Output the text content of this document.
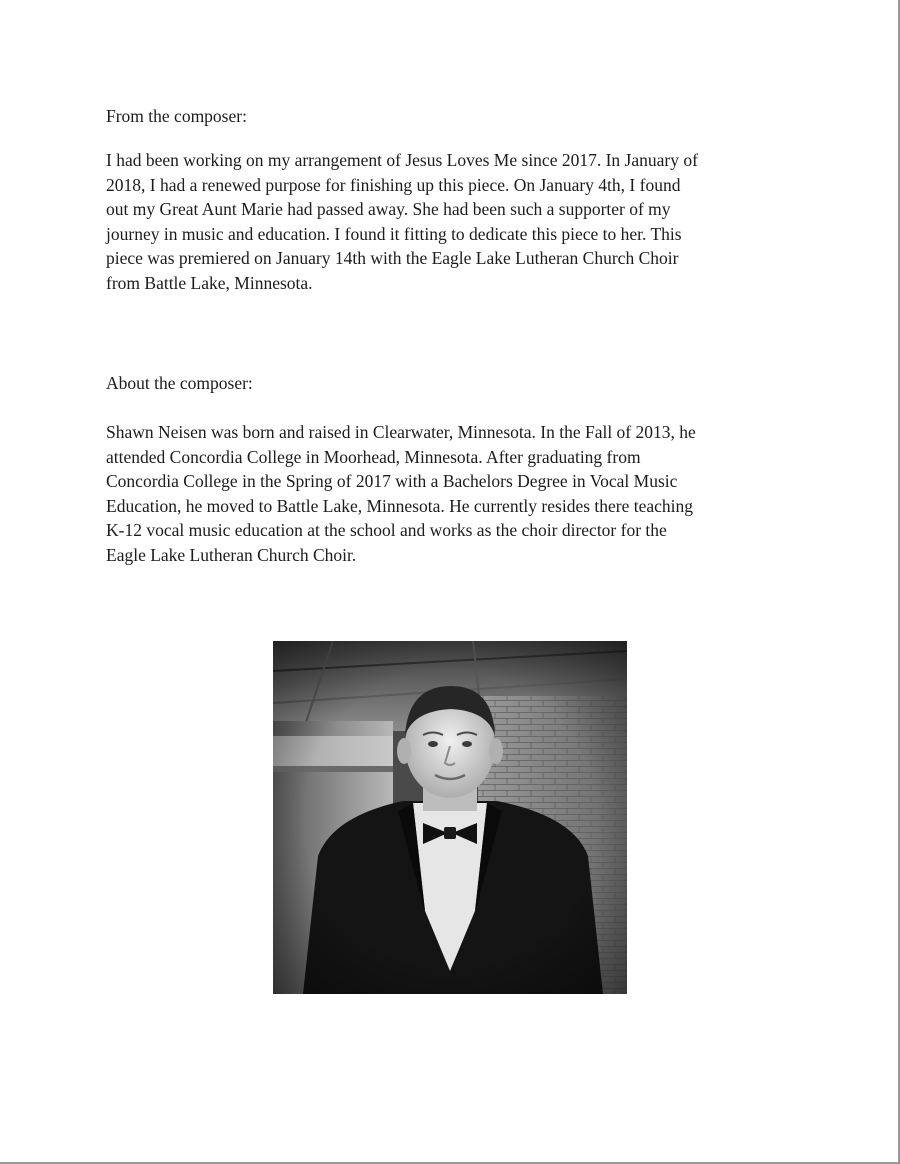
From the composer:

I had been working on my arrangement of Jesus Loves Me since 2017. In January of
2018, I had a renewed purpose for finishing up this piece. On January 4th, I found
out my Great Aunt Marie had passed away. She had been such a supporter of my
journey in music and education. I found it fitting to dedicate this piece to her. This
piece was premiered on January 14th with the Eagle Lake Lutheran Church Choir
from Battle Lake, Minnesota.

About the composer:

Shawn Neisen was born and raised in Clearwater, Minnesota. In the Fall of 2013, he
attended Concordia College in Moorhead, Minnesota. After graduating from
Concordia College in the Spring of 2017 with a Bachelors Degree in Vocal Music
Education, he moved to Battle Lake, Minnesota. He currently resides there teaching
K-12 vocal music education at the school and works as the choir director for the
Eagle Lake Lutheran Church Choir.
